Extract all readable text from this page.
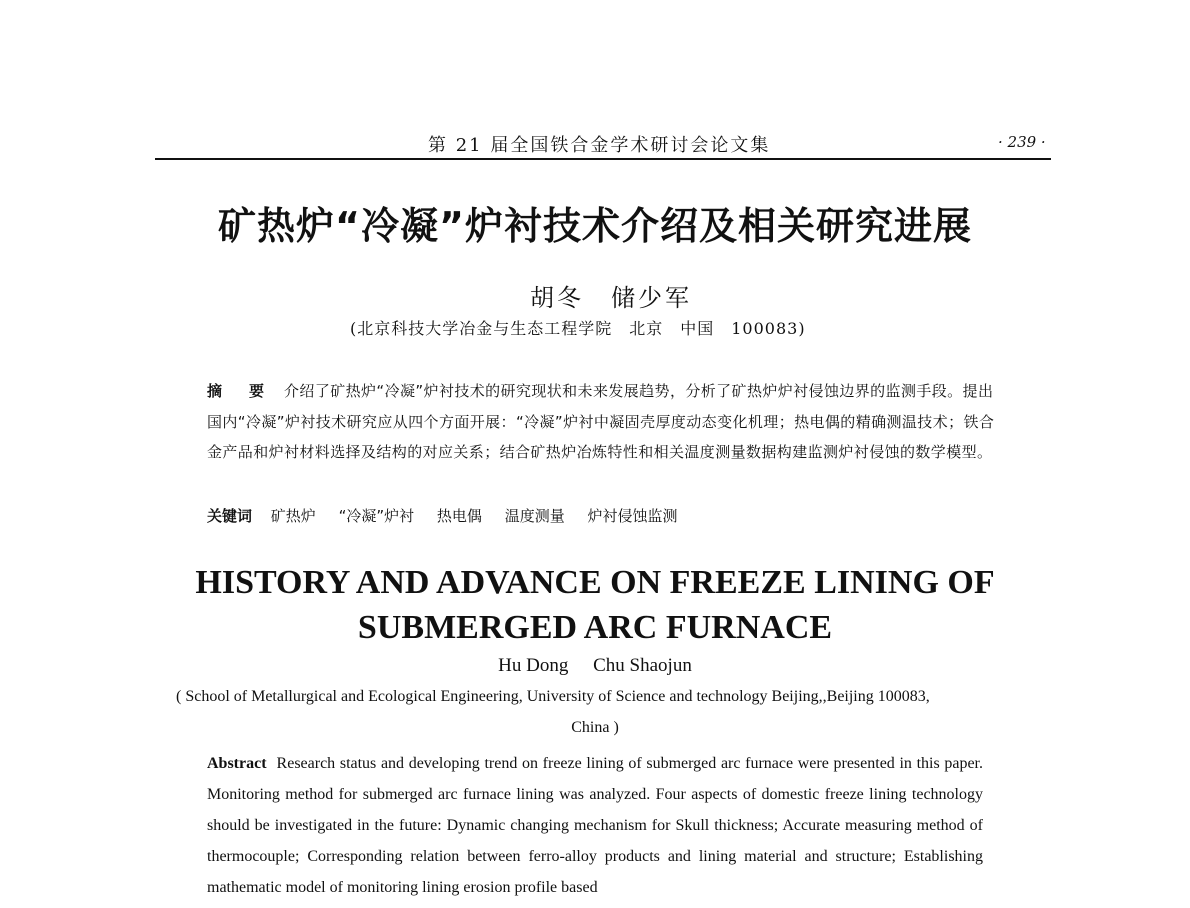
第 21 届全国铁合金学术研讨会论文集	· 239 ·
矿热炉“冷凝”炉衬技术介绍及相关研究进展
胡冬　储少军
(北京科技大学冶金与生态工程学院　北京　中国　100083)
摘　要 介绍了矿热炉“冷凝”炉衬技术的研究现状和未来发展趋势，分析了矿热炉炉衬侵蚀边界的监测手段。提出国内“冷凝”炉衬技术研究应从四个方面开展：“冷凝”炉衬中凝固壳厚度动态变化机理；热电偶的精确测温技术；铁合金产品和炉衬材料选择及结构的对应关系；结合矿热炉冶炼特性和相关温度测量数据构建监测炉衬侵蚀的数学模型。
关键词 矿热炉 “冷凝”炉衬 热电偶 温度测量 炉衬侵蚀监测
HISTORY AND ADVANCE ON FREEZE LINING OF
SUBMERGED ARC FURNACE
Hu Dong Chu Shaojun
( School of Metallurgical and Ecological Engineering, University of Science and technology Beijing,,Beijing 100083,
China )
Abstract Research status and developing trend on freeze lining of submerged arc furnace were presented in this paper. Monitoring method for submerged arc furnace lining was analyzed. Four aspects of domestic freeze lining technology should be investigated in the future: Dynamic changing mechanism for Skull thickness; Accurate measuring method of thermocouple; Corresponding relation between ferro-alloy products and lining material and structure; Establishing mathematic model of monitoring lining erosion profile based
